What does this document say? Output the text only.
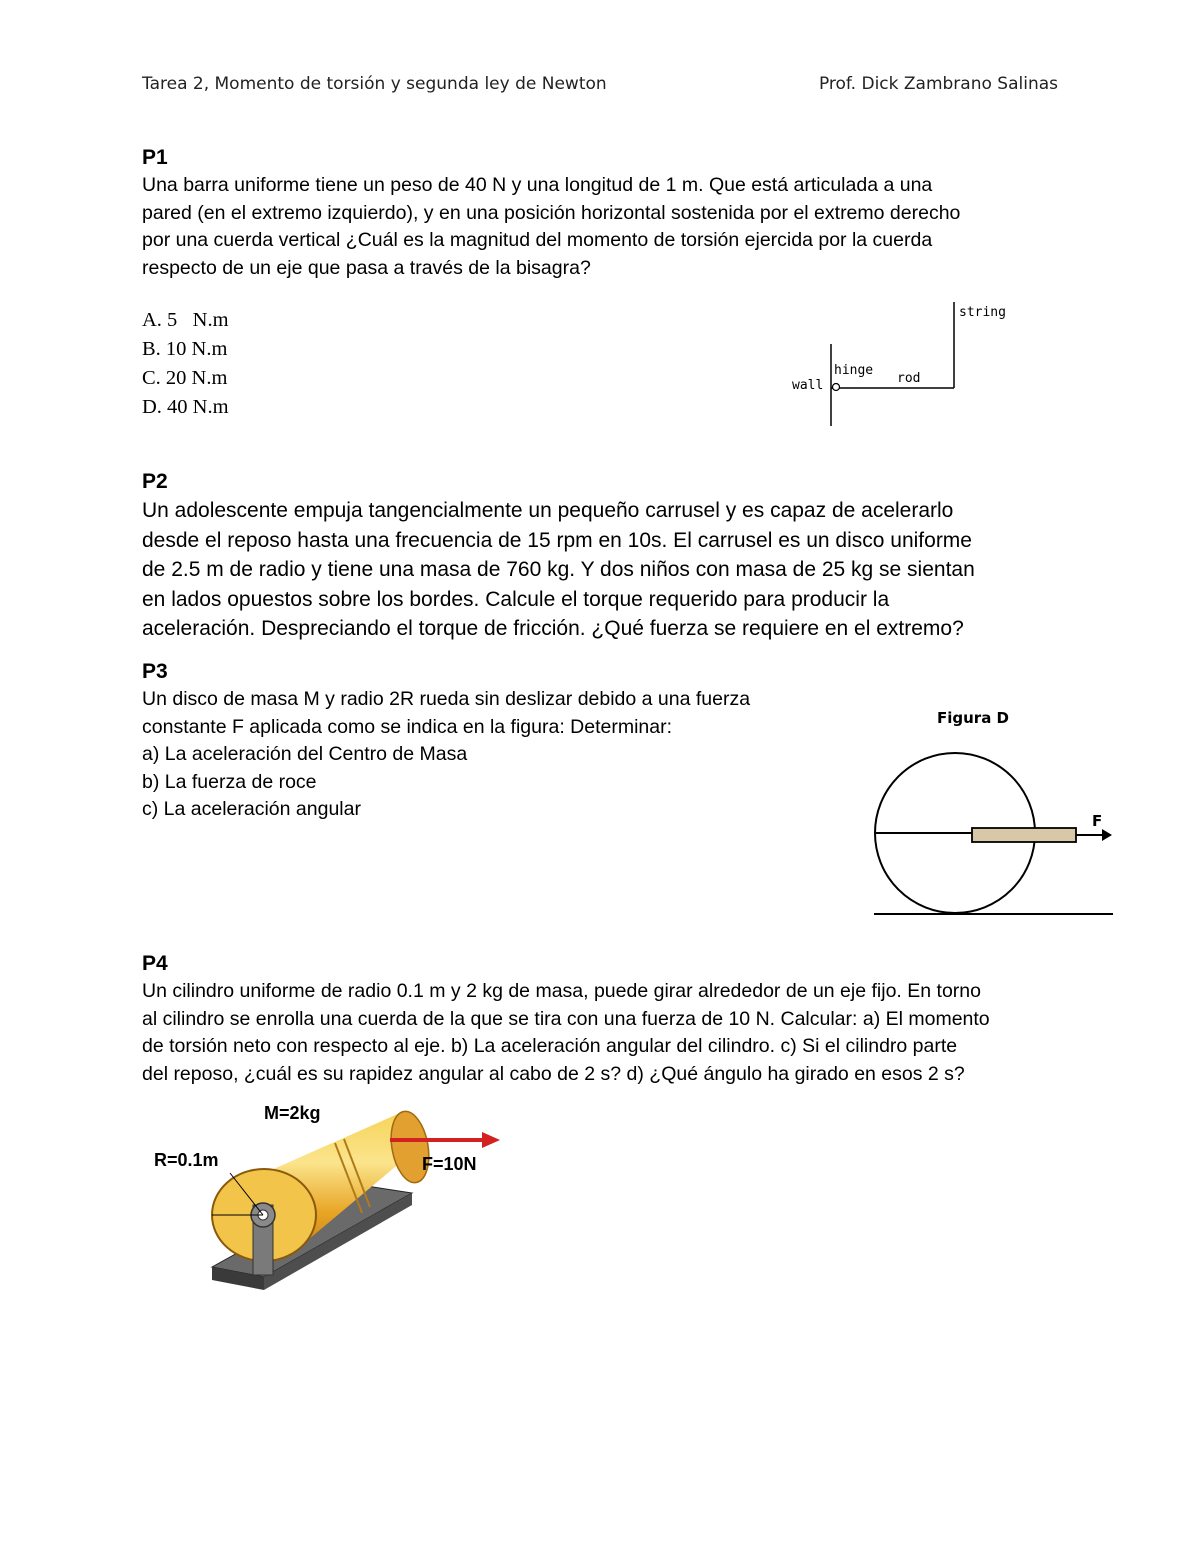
Tarea 2, Momento de torsión y segunda ley de Newton	Prof. Dick Zambrano Salinas
P1
Una barra uniforme tiene un peso de 40 N y una longitud de 1 m. Que está articulada a una
pared (en el extremo izquierdo), y en una posición horizontal sostenida por el extremo derecho
por una cuerda vertical ¿Cuál es la magnitud del momento de torsión ejercida por la cuerda
respecto de un eje que pasa a través de la bisagra?
A. 5   N.m
B. 10 N.m
C. 20 N.m
D. 40 N.m
string
hinge
rod
wall
P2
Un adolescente empuja tangencialmente un pequeño carrusel y es capaz de acelerarlo
desde el reposo hasta una frecuencia de 15 rpm en 10s. El carrusel es un disco uniforme
de 2.5 m de radio y tiene una masa de 760 kg. Y dos niños con masa de 25 kg se sientan
en lados opuestos sobre los bordes. Calcule el torque requerido para producir la
aceleración. Despreciando el torque de fricción. ¿Qué fuerza se requiere en el extremo?
P3
Un disco de masa M y radio 2R rueda sin deslizar debido a una fuerza
constante F aplicada como se indica en la figura: Determinar:
a) La aceleración del Centro de Masa
b) La fuerza de roce
c) La aceleración angular
Figura D
F
P4
Un cilindro uniforme de radio 0.1 m y 2 kg de masa, puede girar alrededor de un eje fijo. En torno
al cilindro se enrolla una cuerda de la que se tira con una fuerza de 10 N. Calcular: a) El momento
de torsión neto con respecto al eje. b) La aceleración angular del cilindro. c) Si el cilindro parte
del reposo, ¿cuál es su rapidez angular al cabo de 2 s? d) ¿Qué ángulo ha girado en esos 2 s?
M=2kg
R=0.1m	F=10N
